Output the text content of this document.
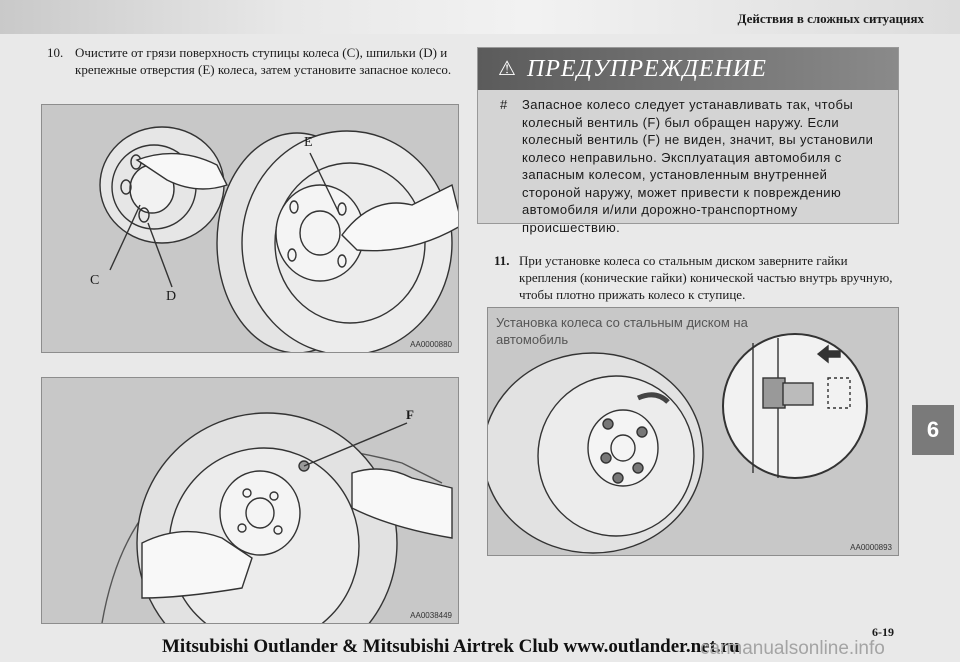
Действия в сложных ситуациях
10. Очистите от грязи поверхность ступицы колеса (C), шпильки (D) и крепежные отверстия (E) колеса, затем установите запасное колесо.
C
D
E
AA0000880
F
AA0038449
⚠ ПРЕДУПРЕЖДЕНИЕ
# Запасное колесо следует устанавливать так, чтобы колесный вентиль (F) был обращен наружу. Если колесный вентиль (F) не виден, значит, вы установили колесо неправильно. Эксплуатация автомобиля с запасным колесом, установленным внутренней стороной наружу, может привести к повреждению автомобиля и/или дорожно-транспортному происшествию.
11. При установке колеса со стальным диском заверните гайки крепления (конические гайки) конической частью внутрь вручную, чтобы плотно прижать колесо к ступице.
Установка колеса со стальным диском на
автомобиль
AA0000893
6
6-19
Mitsubishi Outlander & Mitsubishi Airtrek Club www.outlander.net.ru
carmanualsonline.info
